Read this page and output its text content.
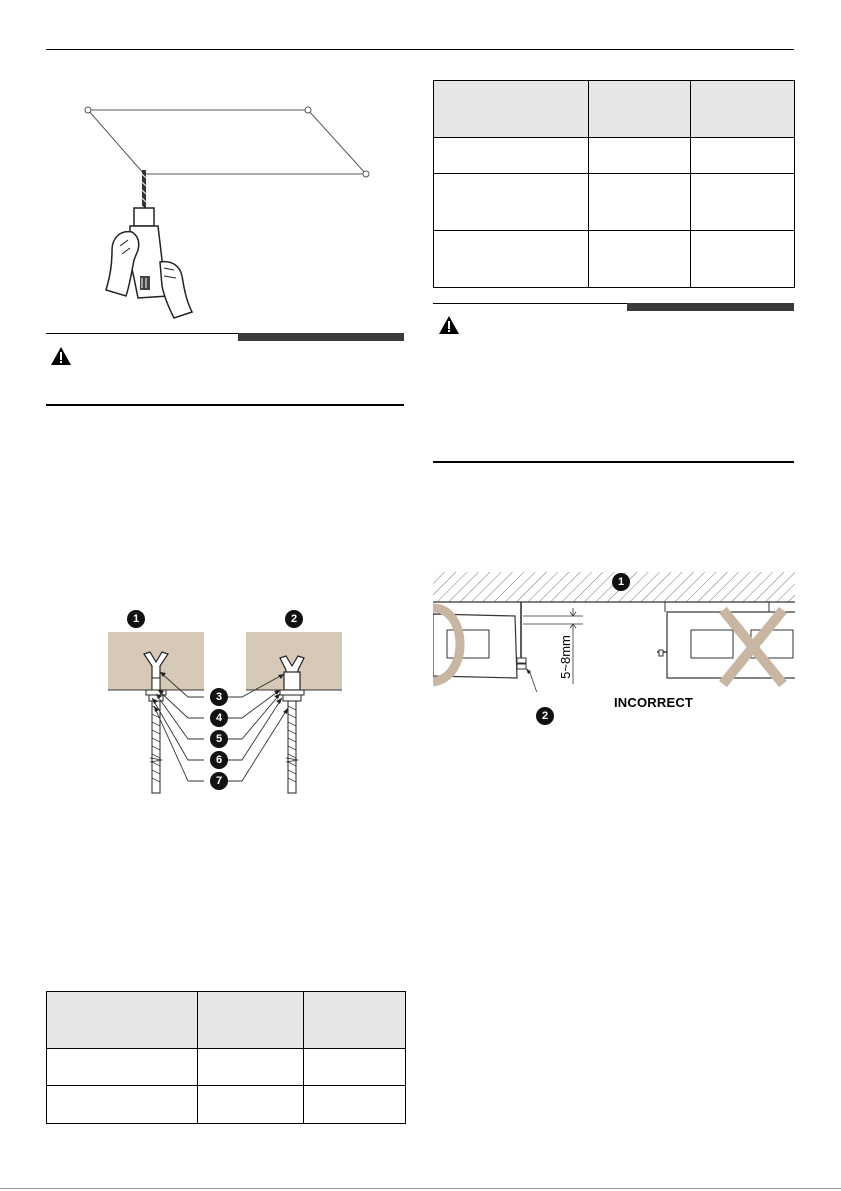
1	2
3
4
5
6
7

5~8mm
1
2
INCORRECT
